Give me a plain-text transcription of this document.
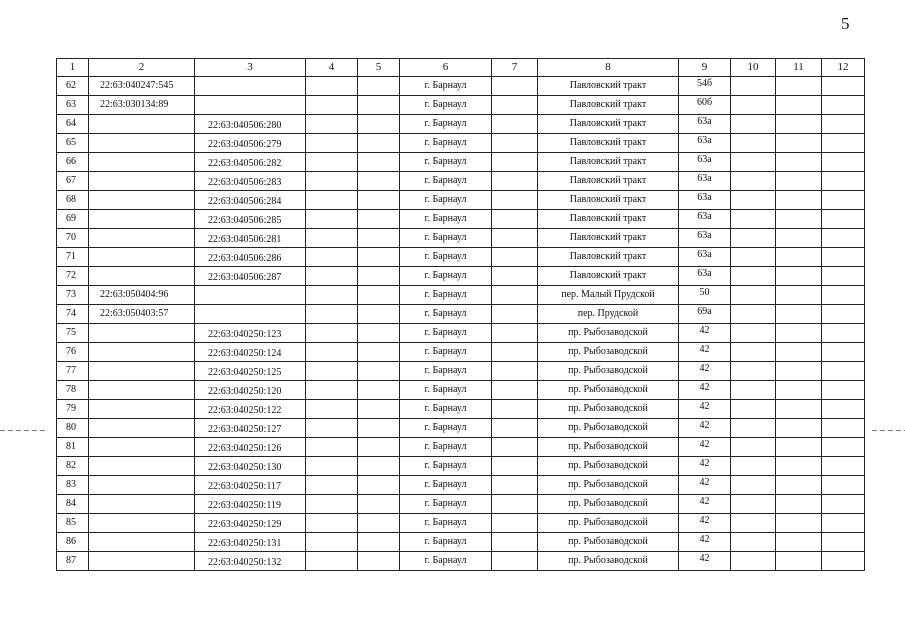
5
1	2	3	4	5	6	7	8	9	10	11	12
62	22:63:040247:545				г. Барнаул		Павловский тракт	54б			
63	22:63:030134:89				г. Барнаул		Павловский тракт	60б			
64		22:63:040506:280			г. Барнаул		Павловский тракт	63а			
65		22:63:040506:279			г. Барнаул		Павловский тракт	63а			
66		22:63:040506:282			г. Барнаул		Павловский тракт	63а			
67		22:63:040506:283			г. Барнаул		Павловский тракт	63а			
68		22:63:040506:284			г. Барнаул		Павловский тракт	63а			
69		22:63:040506:285			г. Барнаул		Павловский тракт	63а			
70		22:63:040506:281			г. Барнаул		Павловский тракт	63а			
71		22:63:040506:286			г. Барнаул		Павловский тракт	63а			
72		22:63:040506:287			г. Барнаул		Павловский тракт	63а			
73	22:63:050404:96				г. Барнаул		пер. Малый Прудской	50			
74	22:63:050403:57				г. Барнаул		пер. Прудской	69а			
75		22:63:040250:123			г. Барнаул		пр. Рыбозаводской	42			
76		22:63:040250:124			г. Барнаул		пр. Рыбозаводской	42			
77		22:63:040250:125			г. Барнаул		пр. Рыбозаводской	42			
78		22:63:040250:120			г. Барнаул		пр. Рыбозаводской	42			
79		22:63:040250:122			г. Барнаул		пр. Рыбозаводской	42			
80		22:63:040250:127			г. Барнаул		пр. Рыбозаводской	42			
81		22:63:040250:126			г. Барнаул		пр. Рыбозаводской	42			
82		22:63:040250:130			г. Барнаул		пр. Рыбозаводской	42			
83		22:63:040250:117			г. Барнаул		пр. Рыбозаводской	42			
84		22:63:040250:119			г. Барнаул		пр. Рыбозаводской	42			
85		22:63:040250:129			г. Барнаул		пр. Рыбозаводской	42			
86		22:63:040250:131			г. Барнаул		пр. Рыбозаводской	42			
87		22:63:040250:132			г. Барнаул		пр. Рыбозаводской	42			
